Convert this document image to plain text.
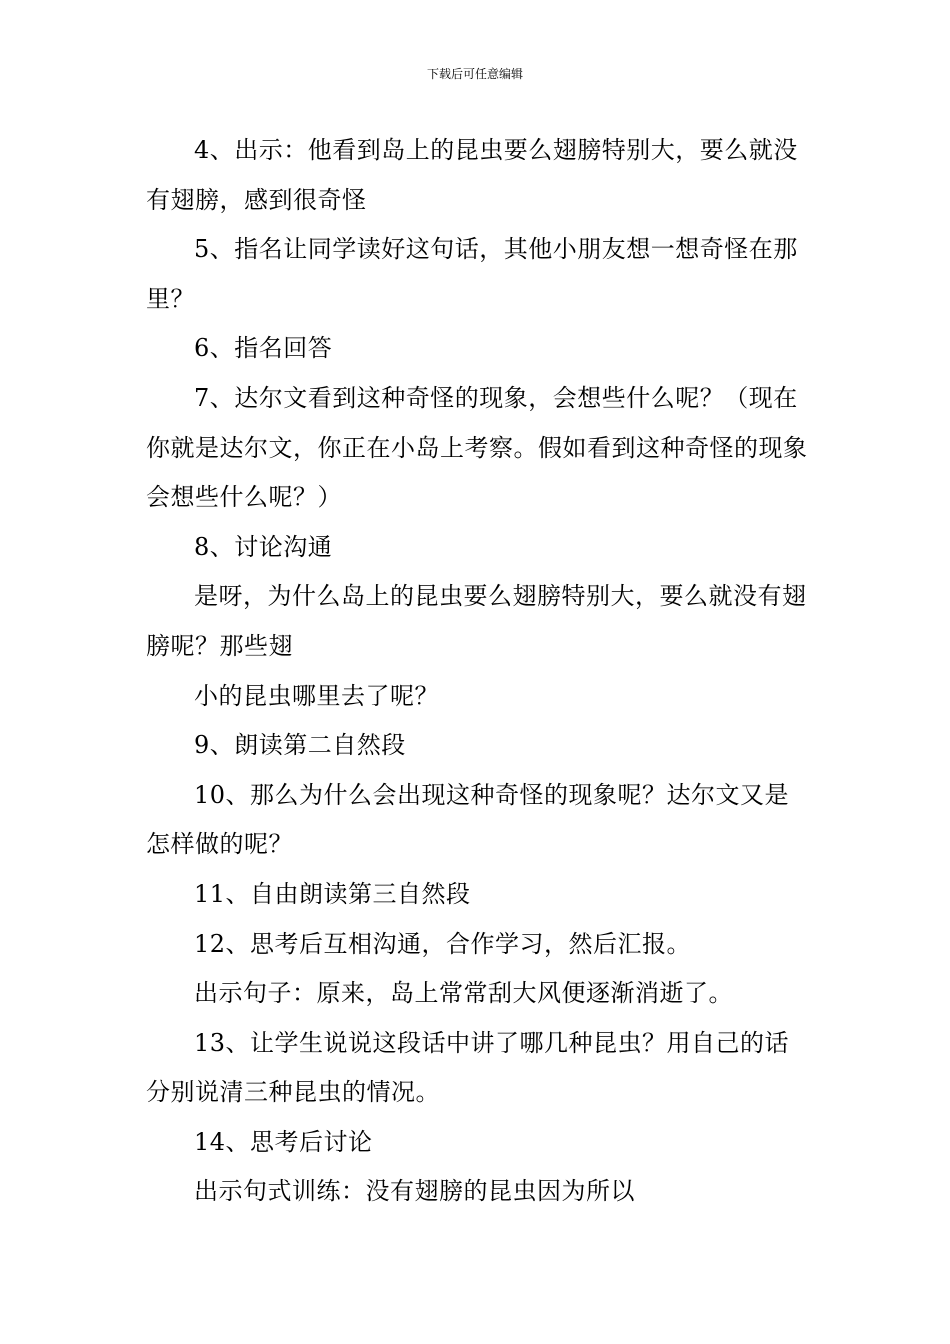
下载后可任意编辑

4、出示：他看到岛上的昆虫要么翅膀特别大，要么就没有翅膀，感到很奇怪

5、指名让同学读好这句话，其他小朋友想一想奇怪在那里？

6、指名回答

7、达尔文看到这种奇怪的现象，会想些什么呢？（现在你就是达尔文，你正在小岛上考察。假如看到这种奇怪的现象会想些什么呢？）

8、讨论沟通

是呀，为什么岛上的昆虫要么翅膀特别大，要么就没有翅膀呢？那些翅

小的昆虫哪里去了呢？

9、朗读第二自然段

10、那么为什么会出现这种奇怪的现象呢？达尔文又是怎样做的呢？

11、自由朗读第三自然段

12、思考后互相沟通，合作学习，然后汇报。

出示句子：原来，岛上常常刮大风便逐渐消逝了。

13、让学生说说这段话中讲了哪几种昆虫？用自己的话分别说清三种昆虫的情况。

14、思考后讨论

出示句式训练：没有翅膀的昆虫因为所以
